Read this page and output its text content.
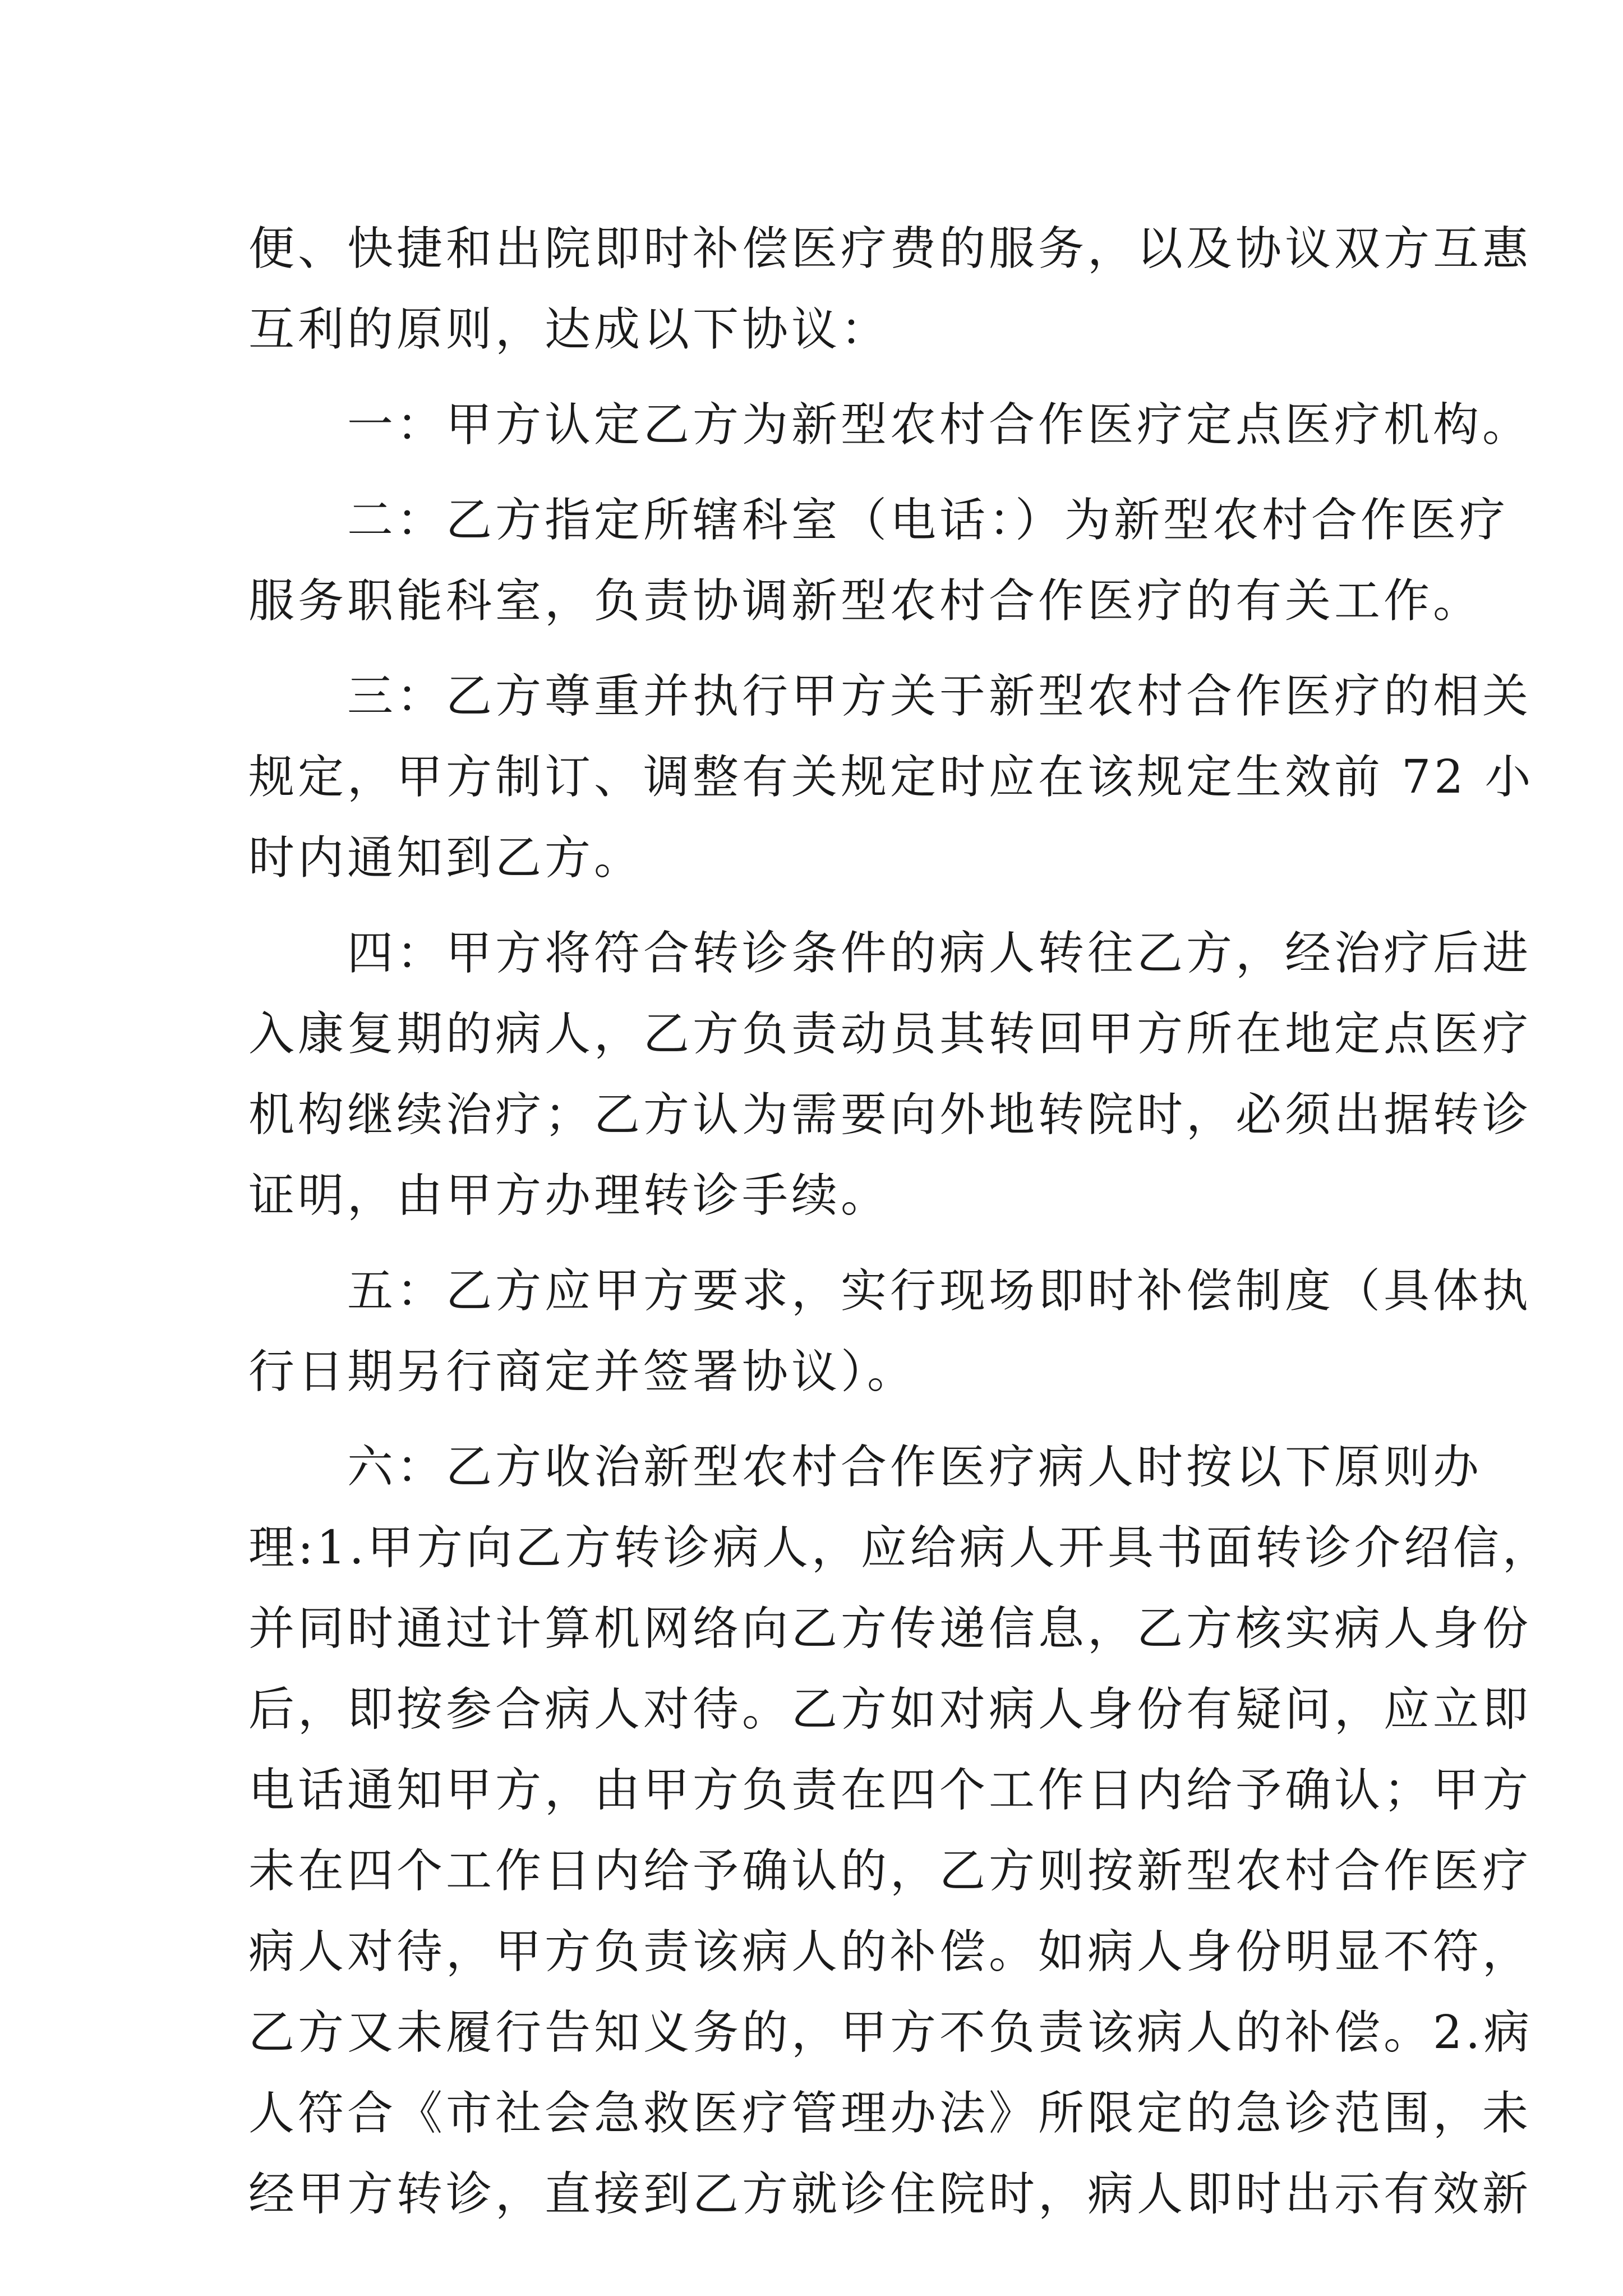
便、快捷和出院即时补偿医疗费的服务，以及协议双方互惠
互利的原则，达成以下协议：
一：甲方认定乙方为新型农村合作医疗定点医疗机构。
二：乙方指定所辖科室（电话：）为新型农村合作医疗
服务职能科室，负责协调新型农村合作医疗的有关工作。
三：乙方尊重并执行甲方关于新型农村合作医疗的相关
规定，甲方制订、调整有关规定时应在该规定生效前 72 小
时内通知到乙方。
四：甲方将符合转诊条件的病人转往乙方，经治疗后进
入康复期的病人，乙方负责动员其转回甲方所在地定点医疗
机构继续治疗；乙方认为需要向外地转院时，必须出据转诊
证明，由甲方办理转诊手续。
五：乙方应甲方要求，实行现场即时补偿制度（具体执
行日期另行商定并签署协议）。
六：乙方收治新型农村合作医疗病人时按以下原则办
理:1.甲方向乙方转诊病人，应给病人开具书面转诊介绍信，
并同时通过计算机网络向乙方传递信息，乙方核实病人身份
后，即按参合病人对待。乙方如对病人身份有疑问，应立即
电话通知甲方，由甲方负责在四个工作日内给予确认；甲方
未在四个工作日内给予确认的，乙方则按新型农村合作医疗
病人对待，甲方负责该病人的补偿。如病人身份明显不符，
乙方又未履行告知义务的，甲方不负责该病人的补偿。2.病
人符合《市社会急救医疗管理办法》所限定的急诊范围，未
经甲方转诊，直接到乙方就诊住院时，病人即时出示有效新
